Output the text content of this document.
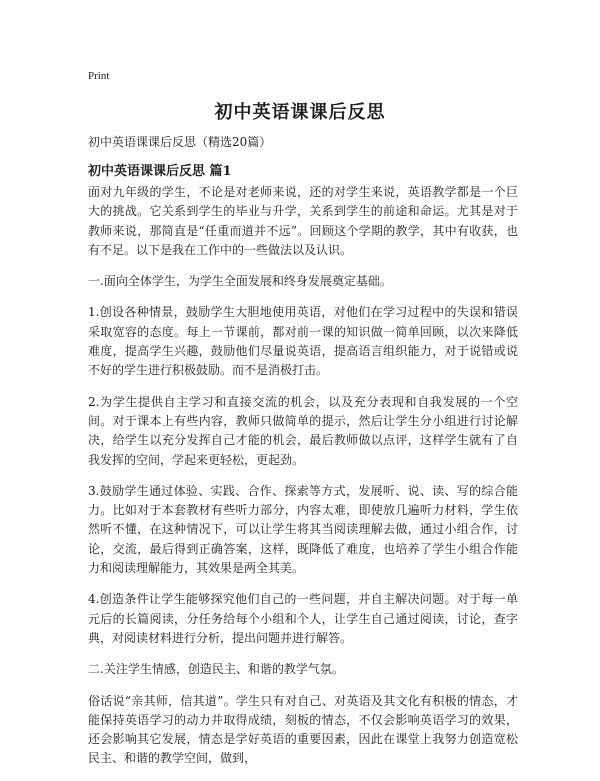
Print
初中英语课课后反思
初中英语课课后反思（精选20篇）
初中英语课课后反思 篇1

面对九年级的学生，不论是对老师来说，还的对学生来说，英语教学都是一个巨大的挑战。它关系到学生的毕业与升学，关系到学生的前途和命运。尤其是对于教师来说，那简直是“任重而道并不远”。回顾这个学期的教学，其中有收获，也有不足。以下是我在工作中的一些做法以及认识。

一.面向全体学生，为学生全面发展和终身发展奠定基础。

1.创设各种情景，鼓励学生大胆地使用英语，对他们在学习过程中的失误和错误采取宽容的态度。每上一节课前，都对前一课的知识做一简单回顾，以次来降低难度，提高学生兴趣，鼓励他们尽量说英语，提高语言组织能力，对于说错或说不好的学生进行积极鼓励。而不是消极打击。

2.为学生提供自主学习和直接交流的机会，以及充分表现和自我发展的一个空间。对于课本上有些内容，教师只做简单的提示，然后让学生分小组进行讨论解决，给学生以充分发挥自己才能的机会，最后教师做以点评，这样学生就有了自我发挥的空间，学起来更轻松，更起劲。

3.鼓励学生通过体验、实践、合作、探索等方式，发展听、说、读、写的综合能力。比如对于本套教材有些听力部分，内容太难，即使放几遍听力材料，学生依然听不懂，在这种情况下，可以让学生将其当阅读理解去做，通过小组合作，讨论，交流，最后得到正确答案，这样，既降低了难度，也培养了学生小组合作能力和阅读理解能力，其效果是两全其美。

4.创造条件让学生能够探究他们自己的一些问题，并自主解决问题。对于每一单元后的长篇阅读，分任务给每个小组和个人，让学生自己通过阅读，讨论，查字典，对阅读材料进行分析，提出问题并进行解答。

二.关注学生情感，创造民主、和谐的教学气氛。

俗话说“亲其师，信其道”。学生只有对自己、对英语及其文化有积极的情态，才能保持英语学习的动力并取得成绩，刻板的情态，不仅会影响英语学习的效果，还会影响其它发展，情态是学好英语的重要因素，因此在课堂上我努力创造宽松民主、和谐的教学空间，做到，
